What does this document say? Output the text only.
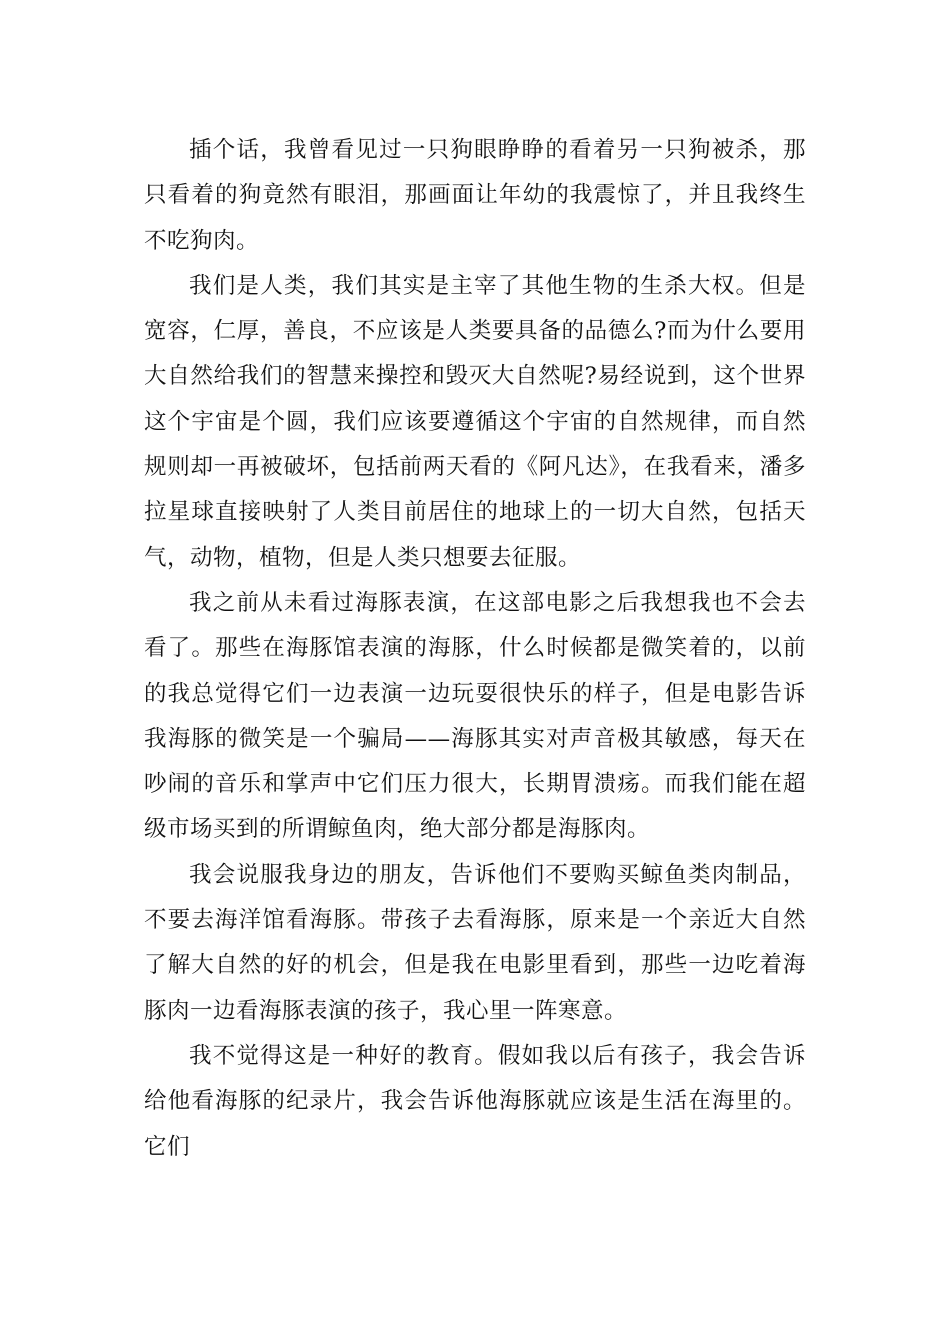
插个话，我曾看见过一只狗眼睁睁的看着另一只狗被杀，那只看着的狗竟然有眼泪，那画面让年幼的我震惊了，并且我终生不吃狗肉。

我们是人类，我们其实是主宰了其他生物的生杀大权。但是宽容，仁厚，善良，不应该是人类要具备的品德么?而为什么要用大自然给我们的智慧来操控和毁灭大自然呢?易经说到，这个世界这个宇宙是个圆，我们应该要遵循这个宇宙的自然规律，而自然规则却一再被破坏，包括前两天看的《阿凡达》，在我看来，潘多拉星球直接映射了人类目前居住的地球上的一切大自然，包括天气，动物，植物，但是人类只想要去征服。

我之前从未看过海豚表演，在这部电影之后我想我也不会去看了。那些在海豚馆表演的海豚，什么时候都是微笑着的，以前的我总觉得它们一边表演一边玩耍很快乐的样子，但是电影告诉我海豚的微笑是一个骗局——海豚其实对声音极其敏感，每天在吵闹的音乐和掌声中它们压力很大，长期胃溃疡。而我们能在超级市场买到的所谓鲸鱼肉，绝大部分都是海豚肉。

我会说服我身边的朋友，告诉他们不要购买鲸鱼类肉制品，不要去海洋馆看海豚。带孩子去看海豚，原来是一个亲近大自然了解大自然的好的机会，但是我在电影里看到，那些一边吃着海豚肉一边看海豚表演的孩子，我心里一阵寒意。

我不觉得这是一种好的教育。假如我以后有孩子，我会告诉给他看海豚的纪录片，我会告诉他海豚就应该是生活在海里的。它们
